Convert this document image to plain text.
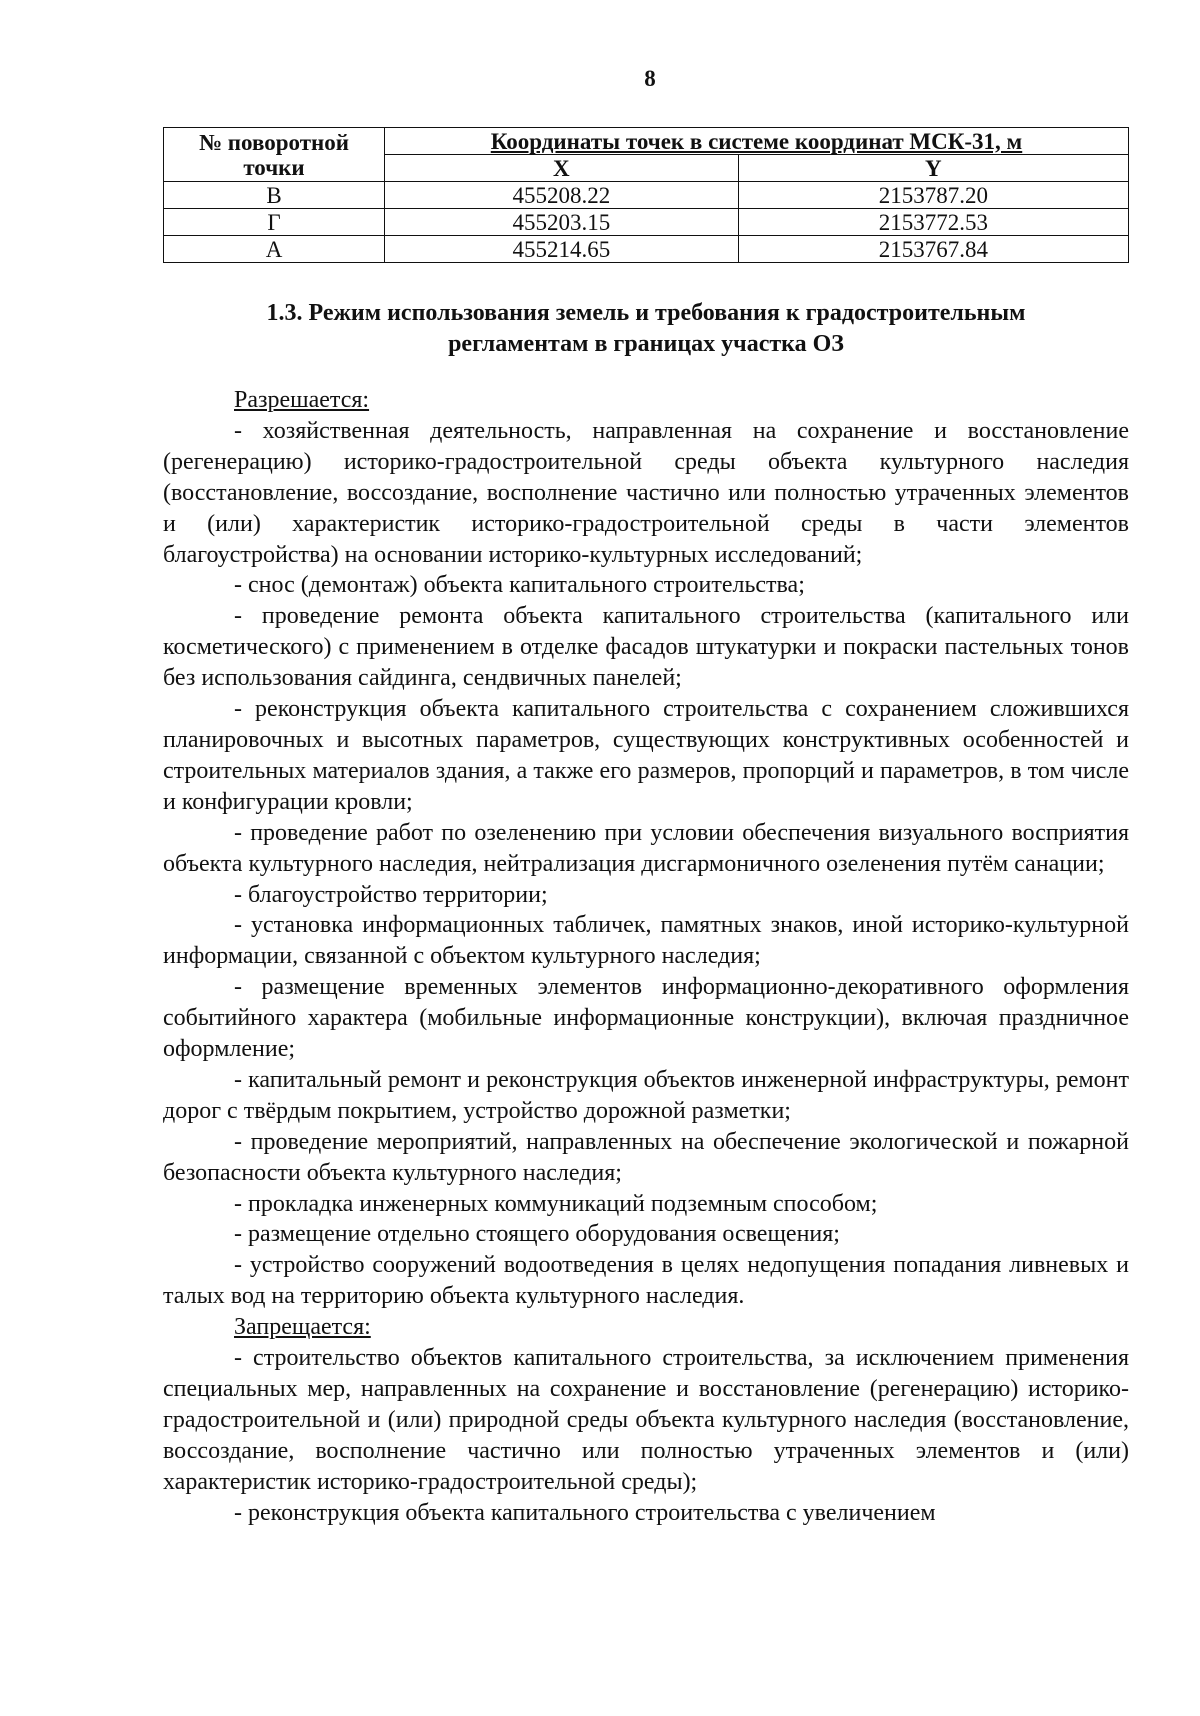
8
№ поворотной точки	Координаты точек в системе координат МСК-31, м	
	X	Y
В	455208.22	2153787.20
Г	455203.15	2153772.53
А	455214.65	2153767.84
1.3. Режим использования земель и требования к градостроительным
регламентам в границах участка ОЗ
Разрешается:

- хозяйственная деятельность, направленная на сохранение и восстановление (регенерацию) историко-градостроительной среды объекта культурного наследия (восстановление, воссоздание, восполнение частично или полностью утраченных элементов и (или) характеристик историко-градостроительной среды в части элементов благоустройства) на основании историко-культурных исследований;

- снос (демонтаж) объекта капитального строительства;

- проведение ремонта объекта капитального строительства (капитального или косметического) с применением в отделке фасадов штукатурки и покраски пастельных тонов без использования сайдинга, сендвичных панелей;

- реконструкция объекта капитального строительства с сохранением сложившихся планировочных и высотных параметров, существующих конструктивных особенностей и строительных материалов здания, а также его размеров, пропорций и параметров, в том числе и конфигурации кровли;

- проведение работ по озеленению при условии обеспечения визуального восприятия объекта культурного наследия, нейтрализация дисгармоничного озеленения путём санации;

- благоустройство территории;

- установка информационных табличек, памятных знаков, иной историко-культурной информации, связанной с объектом культурного наследия;

- размещение временных элементов информационно-декоративного оформления событийного характера (мобильные информационные конструкции), включая праздничное оформление;

- капитальный ремонт и реконструкция объектов инженерной инфраструктуры, ремонт дорог с твёрдым покрытием, устройство дорожной разметки;

- проведение мероприятий, направленных на обеспечение экологической и пожарной безопасности объекта культурного наследия;

- прокладка инженерных коммуникаций подземным способом;

- размещение отдельно стоящего оборудования освещения;

- устройство сооружений водоотведения в целях недопущения попадания ливневых и талых вод на территорию объекта культурного наследия.

Запрещается:

- строительство объектов капитального строительства, за исключением применения специальных мер, направленных на сохранение и восстановление (регенерацию) историко-градостроительной и (или) природной среды объекта культурного наследия (восстановление, воссоздание, восполнение частично или полностью утраченных элементов и (или) характеристик историко-градостроительной среды);

- реконструкция объекта капитального строительства с увеличением
